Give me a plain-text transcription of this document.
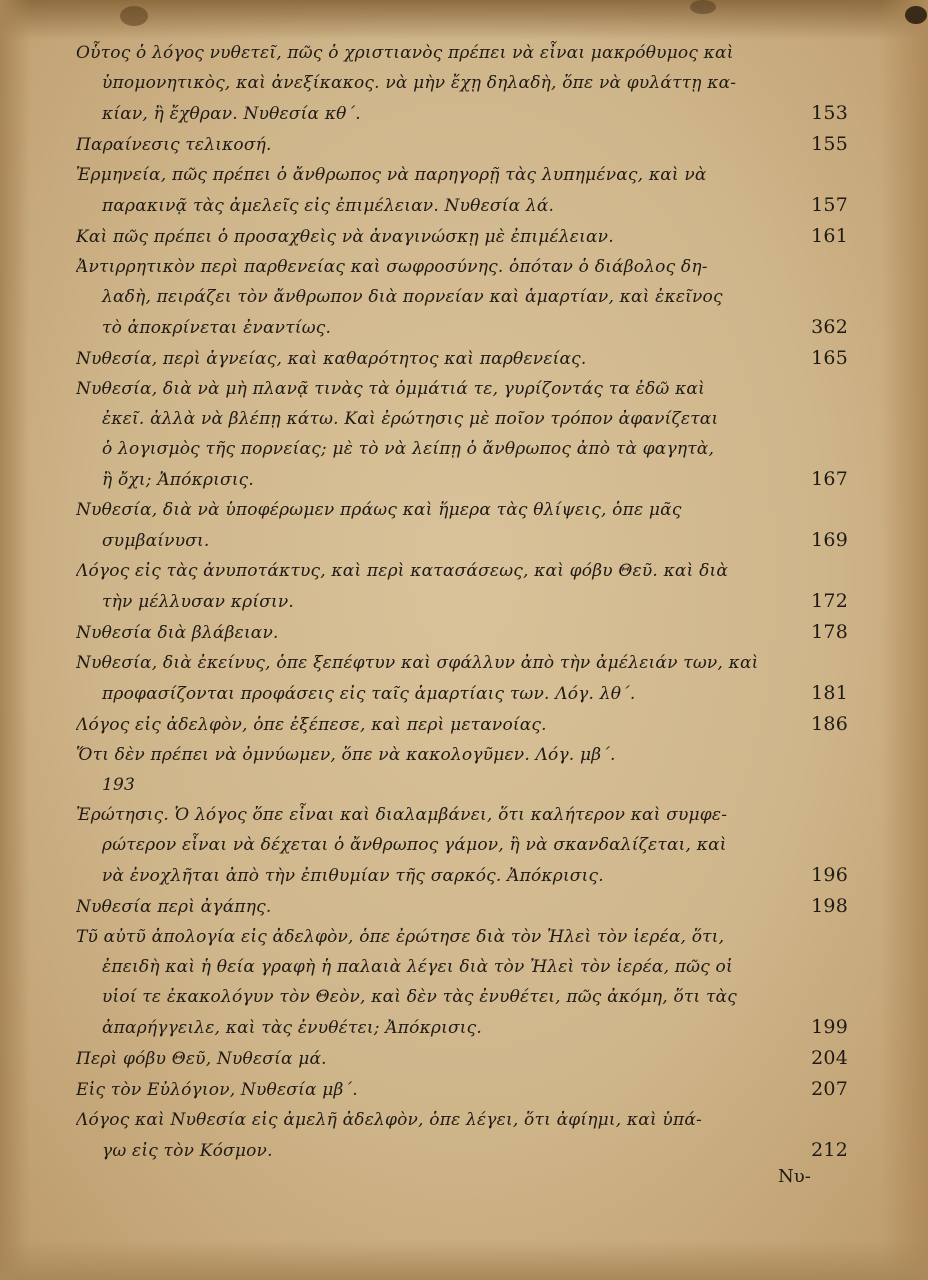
Οὗτος ὁ λόγος νυθετεῖ, πῶς ὁ χριστιανὸς πρέπει νὰ εἶναι μακρόθυμος καὶ
ὑπομονητικὸς, καὶ ἀνεξίκακος. νὰ μὴν ἔχῃ δηλαδὴ, ὅπε νὰ φυλάττῃ κα-
κίαν, ἢ ἔχθραν. Νυθεσία κθ΄.	153
Παραίνεσις τελικοσή.	155
Ἑρμηνεία, πῶς πρέπει ὁ ἄνθρωπος νὰ παρηγορῇ τὰς λυπημένας, καὶ νὰ
παρακινᾷ τὰς ἀμελεῖς εἰς ἐπιμέλειαν. Νυθεσία λά.	157
Καὶ πῶς πρέπει ὁ προσαχθεὶς νὰ ἀναγινώσκῃ μὲ ἐπιμέλειαν.	161
Ἀντιρρητικὸν περὶ παρθενείας καὶ σωφροσύνης. ὁπόταν ὁ διάβολος δη-
λαδὴ, πειράζει τὸν ἄνθρωπον διὰ πορνείαν καὶ ἁμαρτίαν, καὶ ἐκεῖνος
τὸ ἀποκρίνεται ἐναντίως.	362
Νυθεσία, περὶ ἁγνείας, καὶ καθαρότητος καὶ παρθενείας.	165
Νυθεσία, διὰ νὰ μὴ πλανᾷ τινὰς τὰ ὀμμάτιά τε, γυρίζοντάς τα ἐδῶ καὶ
ἐκεῖ. ἀλλὰ νὰ βλέπῃ κάτω. Καὶ ἐρώτησις μὲ ποῖον τρόπον ἀφανίζεται
ὁ λογισμὸς τῆς πορνείας; μὲ τὸ νὰ λείπῃ ὁ ἄνθρωπος ἀπὸ τὰ φαγητὰ,
ἢ ὄχι; Ἀπόκρισις.	167
Νυθεσία, διὰ νὰ ὑποφέρωμεν πράως καὶ ἥμερα τὰς θλίψεις, ὁπε μᾶς
συμβαίνυσι.	169
Λόγος εἰς τὰς ἀνυποτάκτυς, καὶ περὶ κατασάσεως, καὶ φόβυ Θεῦ. καὶ διὰ
τὴν μέλλυσαν κρίσιν.	172
Νυθεσία διὰ βλάβειαν.	178
Νυθεσία, διὰ ἐκείνυς, ὁπε ξεπέφτυν καὶ σφάλλυν ἀπὸ τὴν ἀμέλειάν των, καὶ
προφασίζονται προφάσεις εἰς ταῖς ἁμαρτίαις των. Λόγ. λθ΄.	181
Λόγος εἰς ἀδελφὸν, ὁπε ἐξέπεσε, καὶ περὶ μετανοίας.	186
Ὅτι δὲν πρέπει νὰ ὀμνύωμεν, ὅπε νὰ κακολογῦμεν. Λόγ. μβ΄.
193
Ἐρώτησις. Ὁ λόγος ὅπε εἶναι καὶ διαλαμβάνει, ὅτι καλήτερον καὶ συμφε-
ρώτερον εἶναι νὰ δέχεται ὁ ἄνθρωπος γάμον, ἢ νὰ σκανδαλίζεται, καὶ
νὰ ἐνοχλῆται ἀπὸ τὴν ἐπιθυμίαν τῆς σαρκός. Ἀπόκρισις.	196
Νυθεσία περὶ ἀγάπης.	198
Τῦ αὐτῦ ἀπολογία εἰς ἀδελφὸν, ὁπε ἐρώτησε διὰ τὸν Ἠλεὶ τὸν ἱερέα, ὅτι,
ἐπειδὴ καὶ ἡ θεία γραφὴ ἡ παλαιὰ λέγει διὰ τὸν Ἠλεὶ τὸν ἱερέα, πῶς οἱ
υἱοί τε ἐκακολόγυν τὸν Θεὸν, καὶ δὲν τὰς ἐνυθέτει, πῶς ἀκόμη, ὅτι τὰς
ἀπαρήγγειλε, καὶ τὰς ἐνυθέτει; Ἀπόκρισις.	199
Περὶ φόβυ Θεῦ, Νυθεσία μά.	204
Εἰς τὸν Εὐλόγιον, Νυθεσία μβ΄.	207
Λόγος καὶ Νυθεσία εἰς ἀμελῆ ἀδελφὸν, ὁπε λέγει, ὅτι ἀφίημι, καὶ ὑπά-
γω εἰς τὸν Κόσμον.	212
Νυ-
